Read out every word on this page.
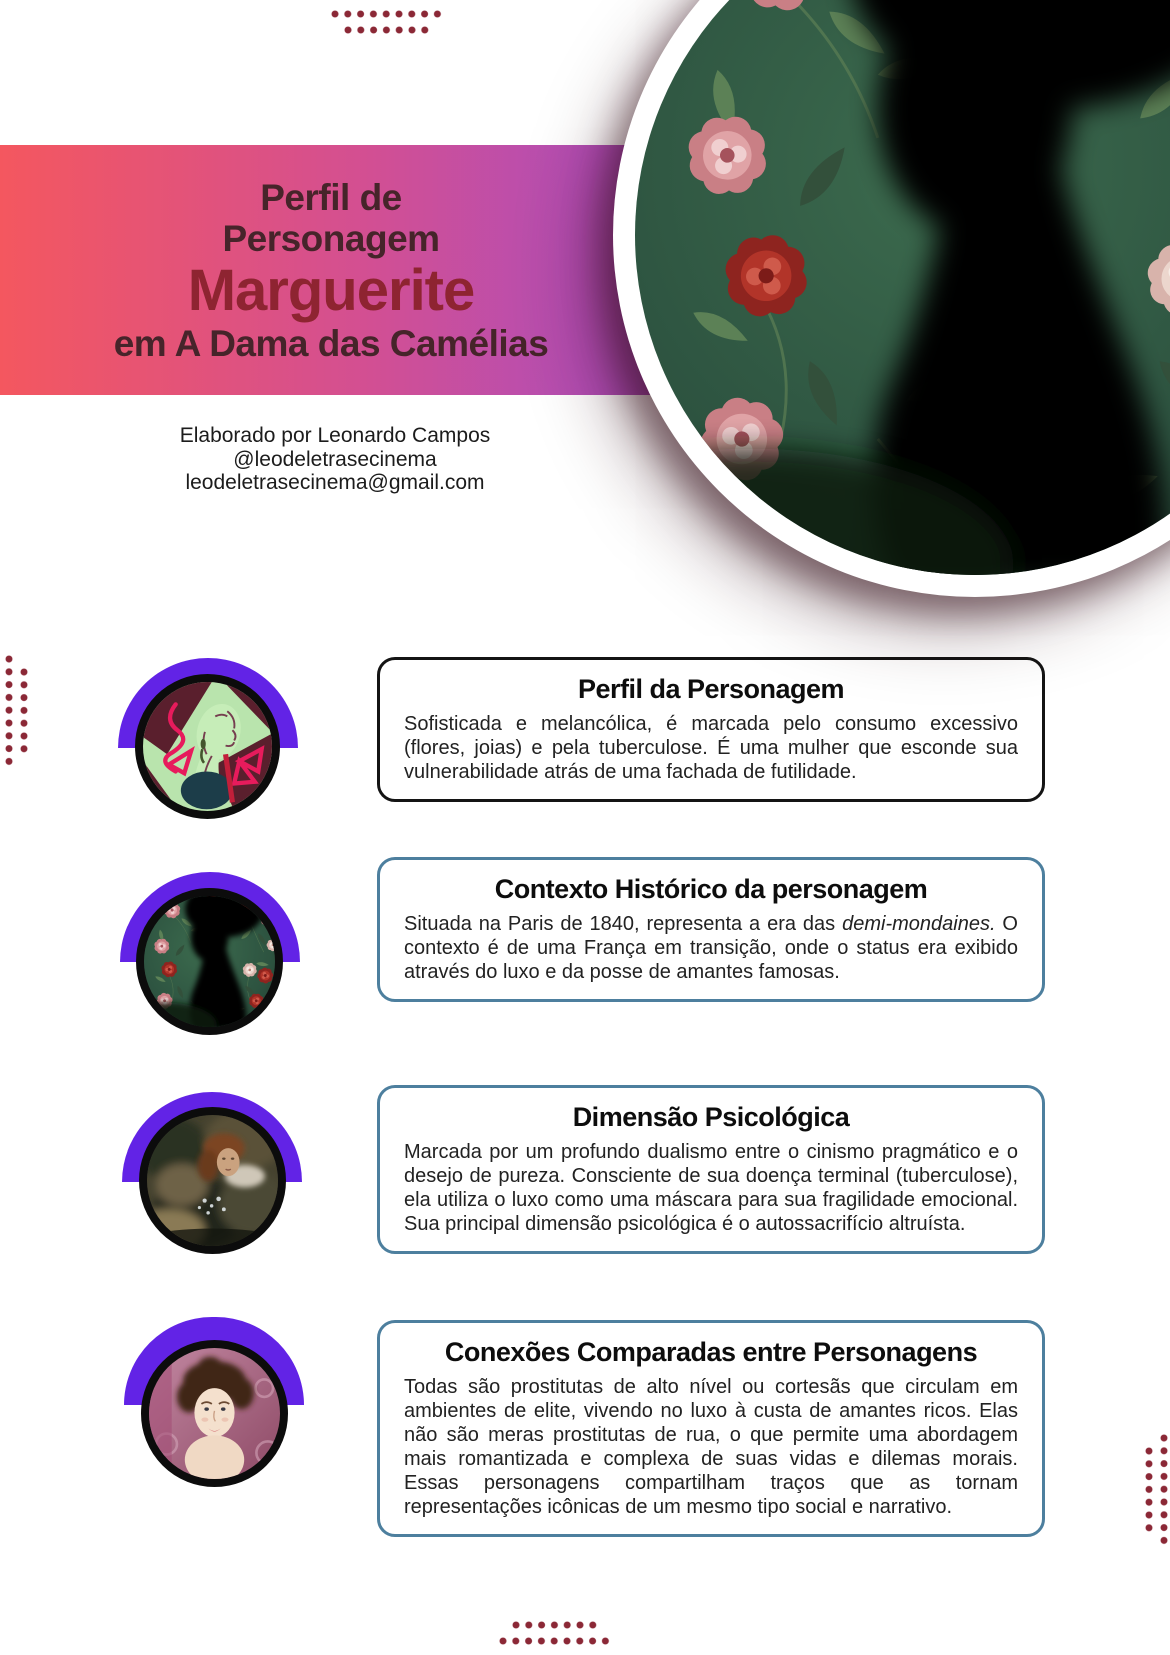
Perfil de
Personagem
Marguerite
em A Dama das Camélias
Elaborado por Leonardo Campos
@leodeletrasecinema
leodeletrasecinema@gmail.com
Perfil da Personagem

Sofisticada e melancólica, é marcada pelo consumo excessivo (flores, joias) e pela tuberculose. É uma mulher que esconde sua vulnerabilidade atrás de uma fachada de futilidade.

Contexto Histórico da personagem

Situada na Paris de 1840, representa a era das demi-mondaines. O contexto é de uma França em transição, onde o status era exibido através do luxo e da posse de amantes famosas.

Dimensão Psicológica

Marcada por um profundo dualismo entre o cinismo pragmático e o desejo de pureza. Consciente de sua doença terminal (tuberculose), ela utiliza o luxo como uma máscara para sua fragilidade emocional. Sua principal dimensão psicológica é o autossacrifício altruísta.

Conexões Comparadas entre Personagens

Todas são prostitutas de alto nível ou cortesãs que circulam em ambientes de elite, vivendo no luxo à custa de amantes ricos. Elas não são meras prostitutas de rua, o que permite uma abordagem mais romantizada e complexa de suas vidas e dilemas morais. Essas personagens compartilham traços que as tornam representações icônicas de um mesmo tipo social e narrativo.
